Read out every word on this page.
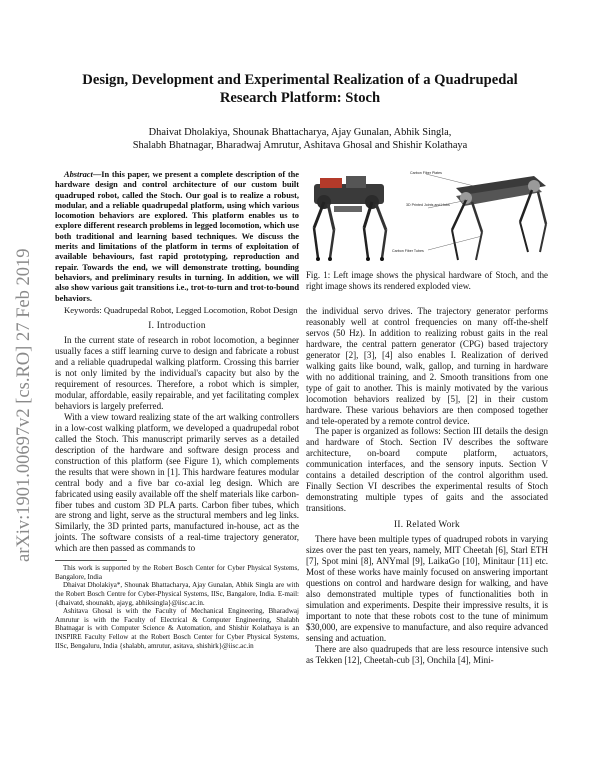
arXiv:1901.00697v2 [cs.RO] 27 Feb 2019
Design, Development and Experimental Realization of a Quadrupedal
Research Platform: Stoch
Dhaivat Dholakiya, Shounak Bhattacharya, Ajay Gunalan, Abhik Singla,
Shalabh Bhatnagar, Bharadwaj Amrutur, Ashitava Ghosal and Shishir Kolathaya

Abstract—In this paper, we present a complete description of the hardware design and control architecture of our custom built quadruped robot, called the Stoch. Our goal is to realize a robust, modular, and a reliable quadrupedal platform, using which various locomotion behaviors are explored. This platform enables us to explore different research problems in legged locomotion, which use both traditional and learning based techniques. We discuss the merits and limitations of the platform in terms of exploitation of available behaviours, fast rapid prototyping, reproduction and repair. Towards the end, we will demonstrate trotting, bounding behaviors, and preliminary results in turning. In addition, we will also show various gait transitions i.e., trot-to-turn and trot-to-bound behaviors.

Keywords: Quadrupedal Robot, Legged Locomotion, Robot Design

I. Introduction

In the current state of research in robot locomotion, a beginner usually faces a stiff learning curve to design and fabricate a robust and a reliable quadrupedal walking platform. Crossing this barrier is not only limited by the individual's capacity but also by the requirement of resources. Therefore, a robot which is simpler, modular, affordable, easily repairable, and yet facilitating complex behaviors is largely preferred.

With a view toward realizing state of the art walking controllers in a low-cost walking platform, we developed a quadrupedal robot called the Stoch. This manuscript primarily serves as a detailed description of the hardware and software design process and construction of this platform (see Figure 1), which complements the results that were shown in [1]. This hardware features modular central body and a five bar co-axial leg design. Which are fabricated using easily available off the shelf materials like carbon-fiber tubes and custom 3D PLA parts. Carbon fiber tubes, which are strong and light, serve as the structural members and leg links. Similarly, the 3D printed parts, manufactured in-house, act as the joints. The software consists of a real-time trajectory generator, which are then passed as commands to

This work is supported by the Robert Bosch Center for Cyber Physical Systems, Bangalore, India

Dhaivat Dholakiya*, Shounak Bhattacharya, Ajay Gunalan, Abhik Singla are with the Robert Bosch Centre for Cyber-Physical Systems, IISc, Bangalore, India. E-mail: {dhaivatd, shounakb, ajayg, abhiksingla}@iisc.ac.in.

Ashitava Ghosal is with the Faculty of Mechanical Engineering, Bharadwaj Amrutur is with the Faculty of Electrical & Computer Engineering, Shalabh Bhatnagar is with Computer Science & Automation, and Shishir Kolathaya is an INSPIRE Faculty Fellow at the Robert Bosch Center for Cyber Physical Systems, IISc, Bengaluru, India {shalabh, amrutur, asitava, shishirk}@iisc.ac.in

Carbon Fiber Plates
3D Printed Joints and Hubs
Carbon Fiber Tubes
Fig. 1: Left image shows the physical hardware of Stoch, and the right image shows its rendered exploded view.

the individual servo drives. The trajectory generator performs reasonably well at control frequencies on many off-the-shelf servos (50 Hz). In addition to realizing robust gaits in the real hardware, the central pattern generator (CPG) based trajectory generator [2], [3], [4] also enables I. Realization of derived walking gaits like bound, walk, gallop, and turning in hardware with no additional training, and 2. Smooth transitions from one type of gait to another. This is mainly motivated by the various locomotion behaviors realized by [5], [2] in their custom hardware. These various behaviors are then composed together and tele-operated by a remote control device.

The paper is organized as follows: Section III details the design and hardware of Stoch. Section IV describes the software architecture, on-board compute platform, actuators, communication interfaces, and the sensory inputs. Section V contains a detailed description of the control algorithm used. Finally Section VI describes the experimental results of Stoch demonstrating multiple types of gaits and the associated transitions.

II. Related Work

There have been multiple types of quadruped robots in varying sizes over the past ten years, namely, MIT Cheetah [6], Starl ETH [7], Spot mini [8], ANYmal [9], LaikaGo [10], Minitaur [11] etc. Most of these works have mainly focused on answering important questions on control and hardware design for walking, and have also demonstrated multiple types of functionalities both in simulation and experiments. Despite their impressive results, it is important to note that these robots cost to the tune of minimum $30,000, are expensive to manufacture, and also require advanced sensing and actuation.

There are also quadrupeds that are less resource intensive such as Tekken [12], Cheetah-cub [3], Onchila [4], Mini-
